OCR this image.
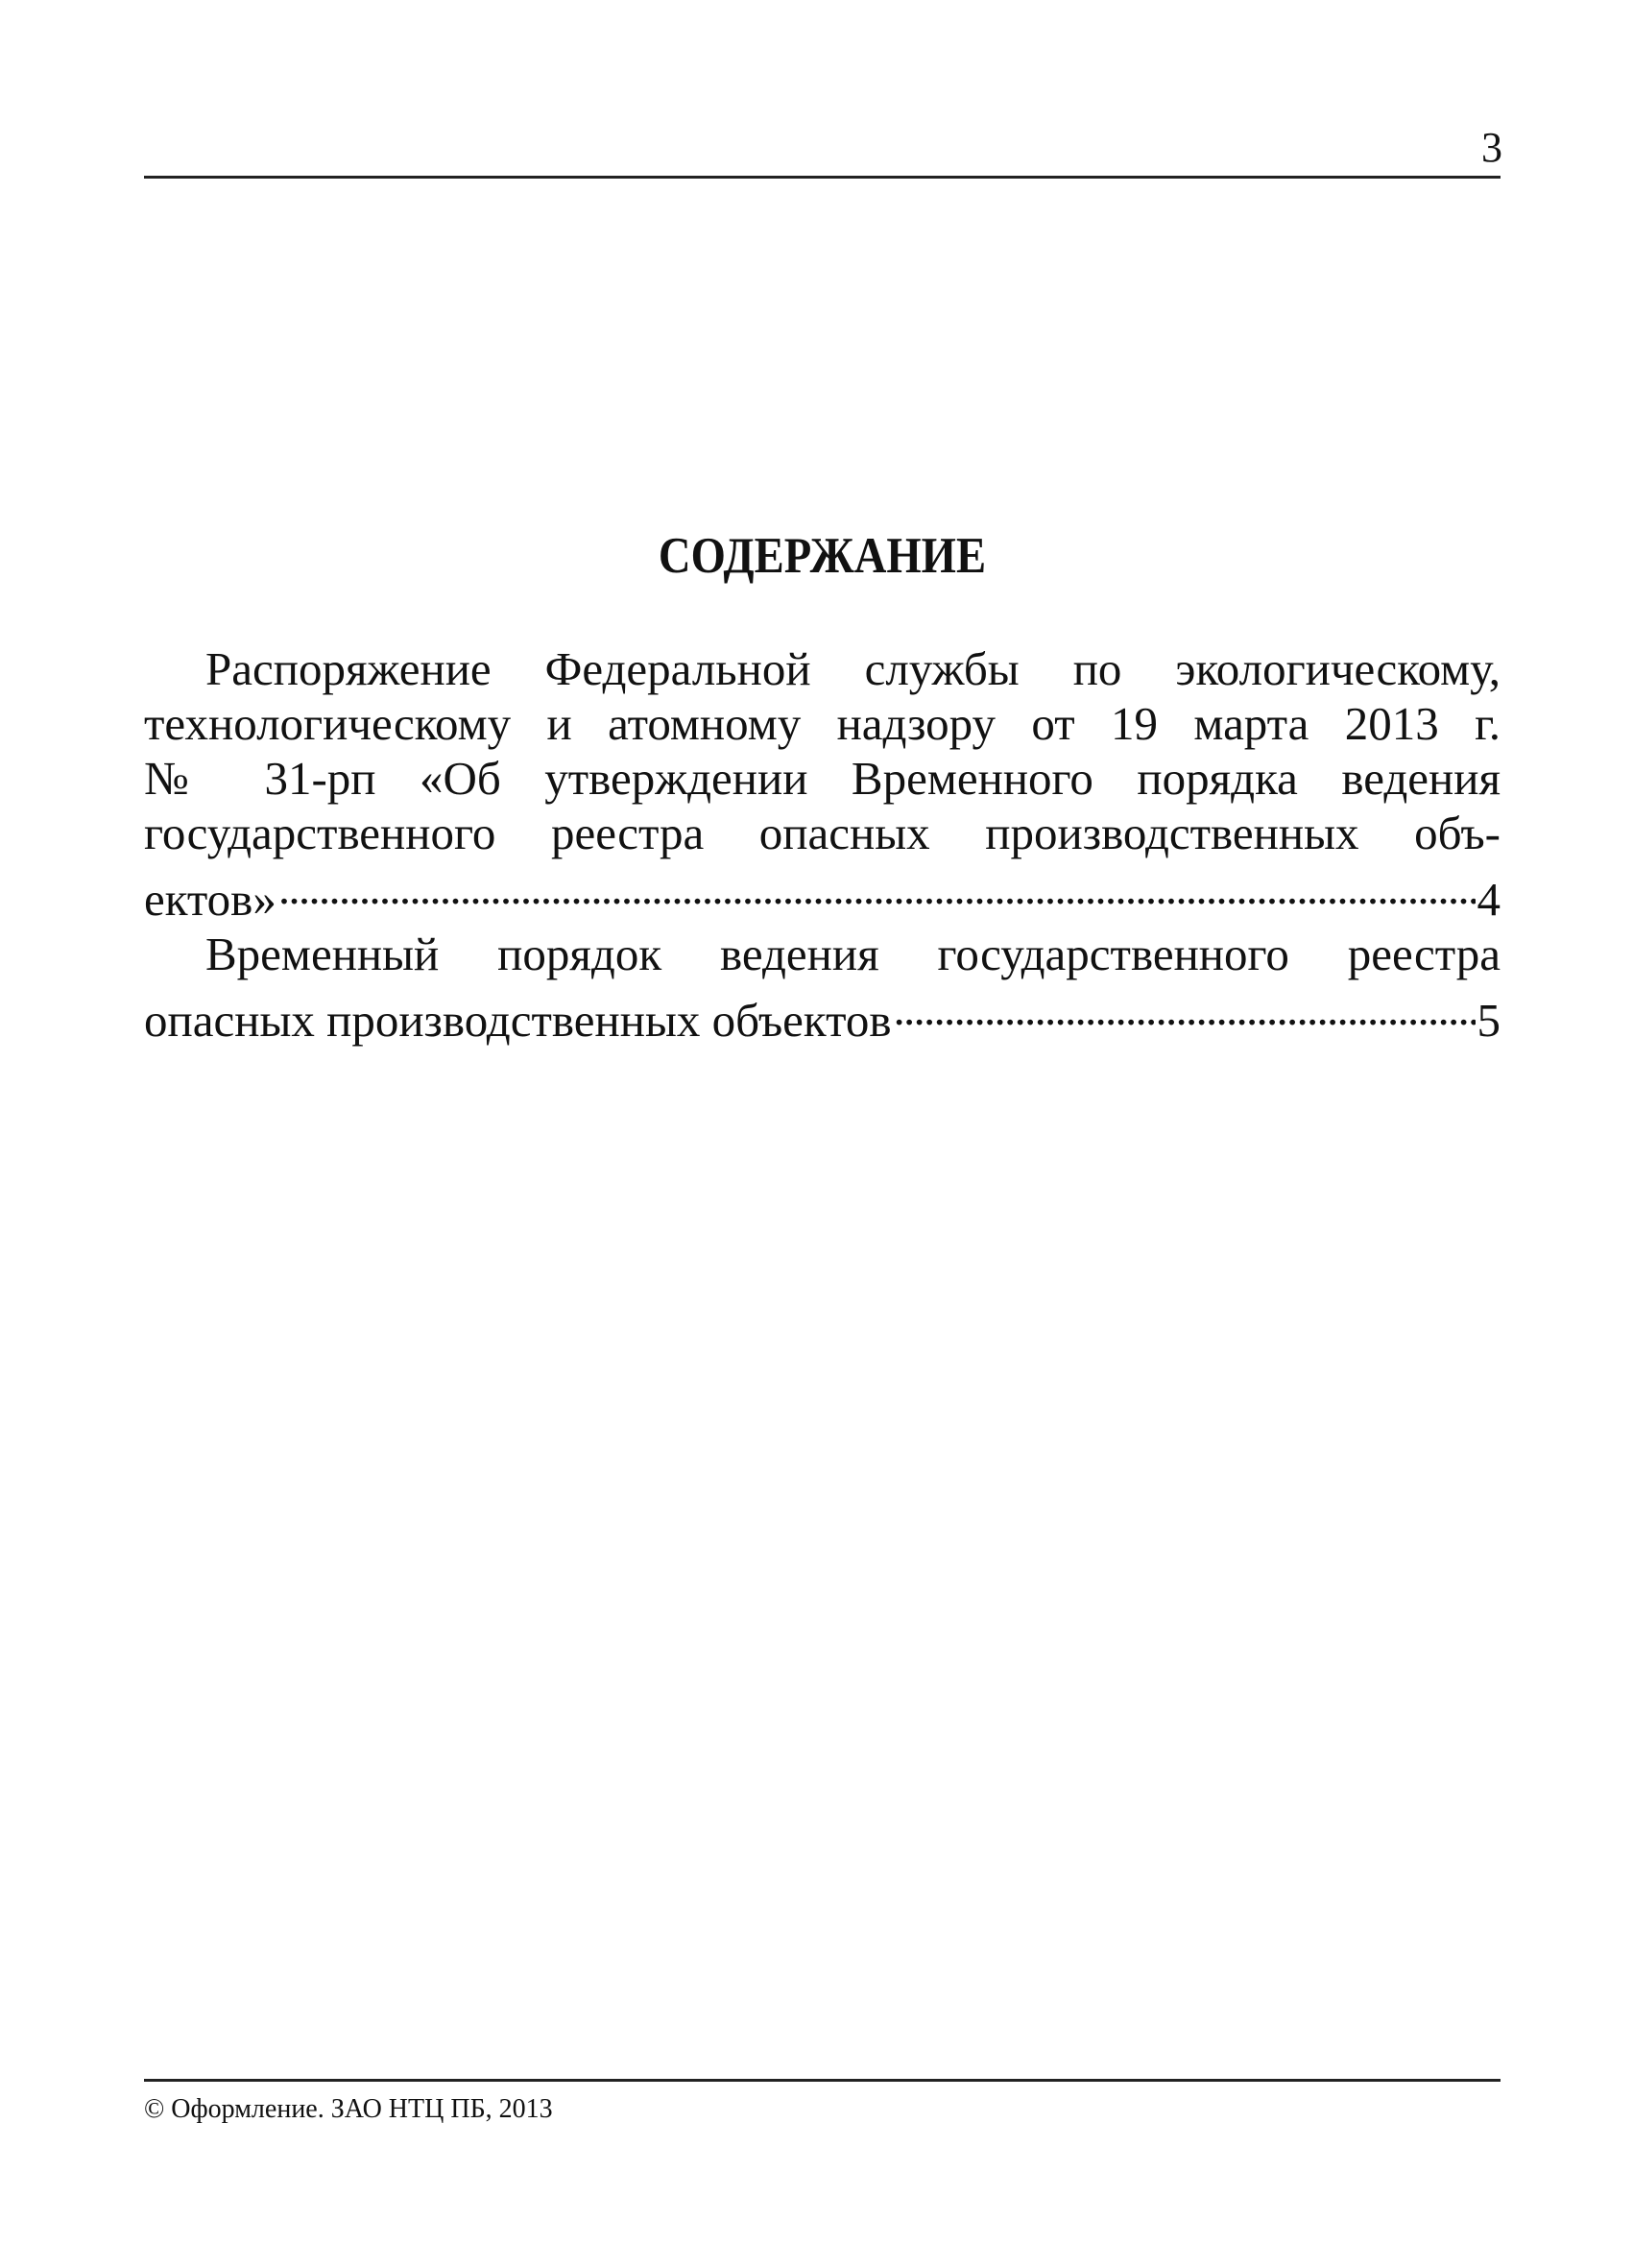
3
СОДЕРЖАНИЕ
Распоряжение Федеральной службы по экологическому,
технологическому и атомному надзору от 19 марта 2013 г.
№ 31-рп «Об утверждении Временного порядка ведения
государственного реестра опасных производственных объ-
ектов» . . .	4
Временный порядок ведения государственного реестра
опасных производственных объектов . . .	5
© Оформление. ЗАО НТЦ ПБ, 2013
